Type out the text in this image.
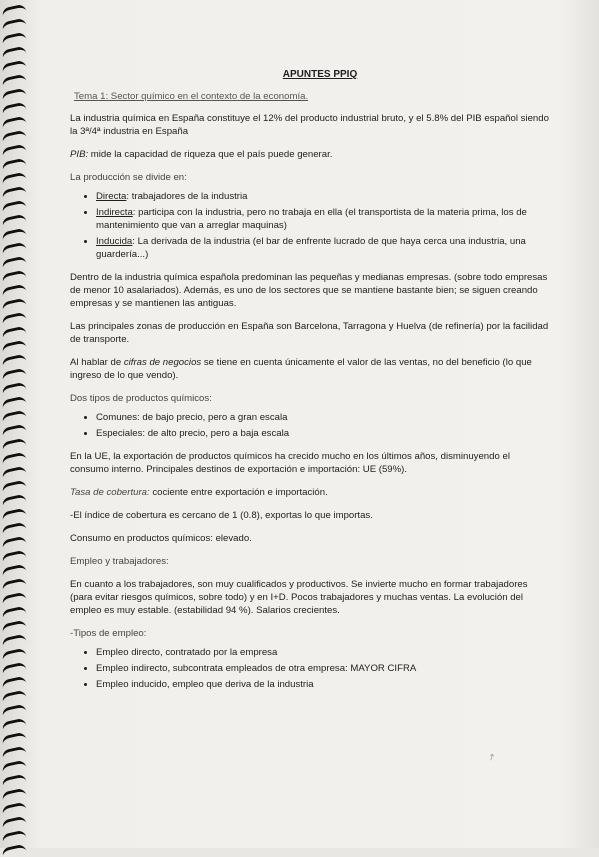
APUNTES PPIQ
Tema 1: Sector químico en el contexto de la economía.

La industria química en España constituye el 12% del producto industrial bruto, y el 5.8% del PIB español siendo la 3ª/4ª industria en España

PIB: mide la capacidad de riqueza que el país puede generar.

La producción se divide en:

• Directa: trabajadores de la industria
• Indirecta: participa con la industria, pero no trabaja en ella (el transportista de la materia prima, los de mantenimiento que van a arreglar maquinas)
• Inducida: La derivada de la industria (el bar de enfrente lucrado de que haya cerca una industria, una guardería...)

Dentro de la industria química española predominan las pequeñas y medianas empresas. (sobre todo empresas de menor 10 asalariados). Además, es uno de los sectores que se mantiene bastante bien; se siguen creando empresas y se mantienen las antiguas.

Las principales zonas de producción en España son Barcelona, Tarragona y Huelva (de refinería) por la facilidad de transporte.

Al hablar de cifras de negocios se tiene en cuenta únicamente el valor de las ventas, no del beneficio (lo que ingreso de lo que vendo).

Dos tipos de productos químicos:

• Comunes: de bajo precio, pero a gran escala
• Especiales: de alto precio, pero a baja escala

En la UE, la exportación de productos químicos ha crecido mucho en los últimos años, disminuyendo el consumo interno. Principales destinos de exportación e importación: UE (59%).

Tasa de cobertura: cociente entre exportación e importación.

-El índice de cobertura es cercano de 1 (0.8), exportas lo que importas.

Consumo en productos químicos: elevado.

Empleo y trabajadores:

En cuanto a los trabajadores, son muy cualificados y productivos. Se invierte mucho en formar trabajadores (para evitar riesgos químicos, sobre todo) y en I+D. Pocos trabajadores y muchas ventas. La evolución del empleo es muy estable. (estabilidad 94 %). Salarios crecientes.

-Tipos de empleo:

• Empleo directo, contratado por la empresa
• Empleo indirecto, subcontrata empleados de otra empresa: MAYOR CIFRA
• Empleo inducido, empleo que deriva de la industria
↗
